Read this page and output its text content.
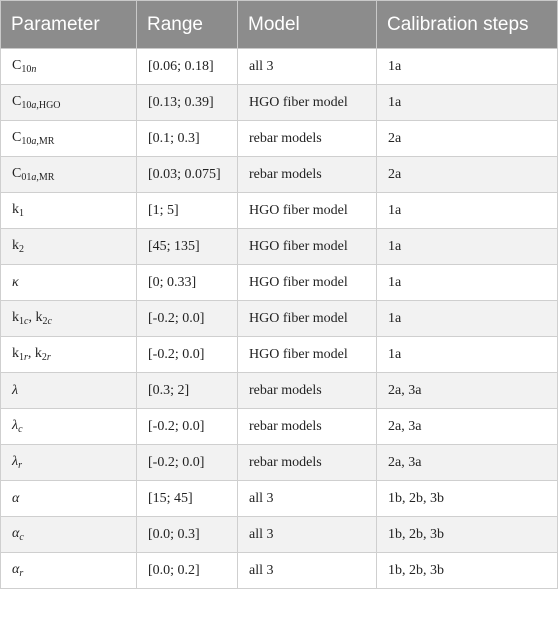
Parameter	Range	Model	Calibration steps
$C_{10n}$	[0.06; 0.18]	all 3	1a
$C_{10a,HGO}$	[0.13; 0.39]	HGO fiber model	1a
$C_{10a,MR}$	[0.1; 0.3]	rebar models	2a
$C_{01a,MR}$	[0.03; 0.075]	rebar models	2a
$k_1$	[1; 5]	HGO fiber model	1a
$k_2$	[45; 135]	HGO fiber model	1a
κ	[0; 0.33]	HGO fiber model	1a
$k_{1c}$, $k_{2c}$	[-0.2; 0.0]	HGO fiber model	1a
$k_{1r}$, $k_{2r}$	[-0.2; 0.0]	HGO fiber model	1a
λ	[0.3; 2]	rebar models	2a, 3a
$\lambda_c$	[-0.2; 0.0]	rebar models	2a, 3a
$\lambda_r$	[-0.2; 0.0]	rebar models	2a, 3a
α	[15; 45]	all 3	1b, 2b, 3b
$\alpha_c$	[0.0; 0.3]	all 3	1b, 2b, 3b
$\alpha_r$	[0.0; 0.2]	all 3	1b, 2b, 3b
